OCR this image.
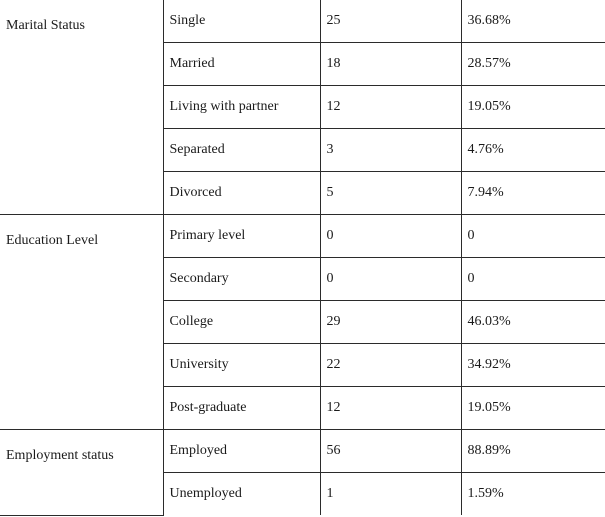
Marital Status	Single	25	36.68%
	Married	18	28.57%
	Living with partner	12	19.05%
	Separated	3	4.76%
	Divorced	5	7.94%
Education Level	Primary level	0	0
	Secondary	0	0
	College	29	46.03%
	University	22	34.92%
	Post-graduate	12	19.05%
Employment status	Employed	56	88.89%
	Unemployed	1	1.59%
